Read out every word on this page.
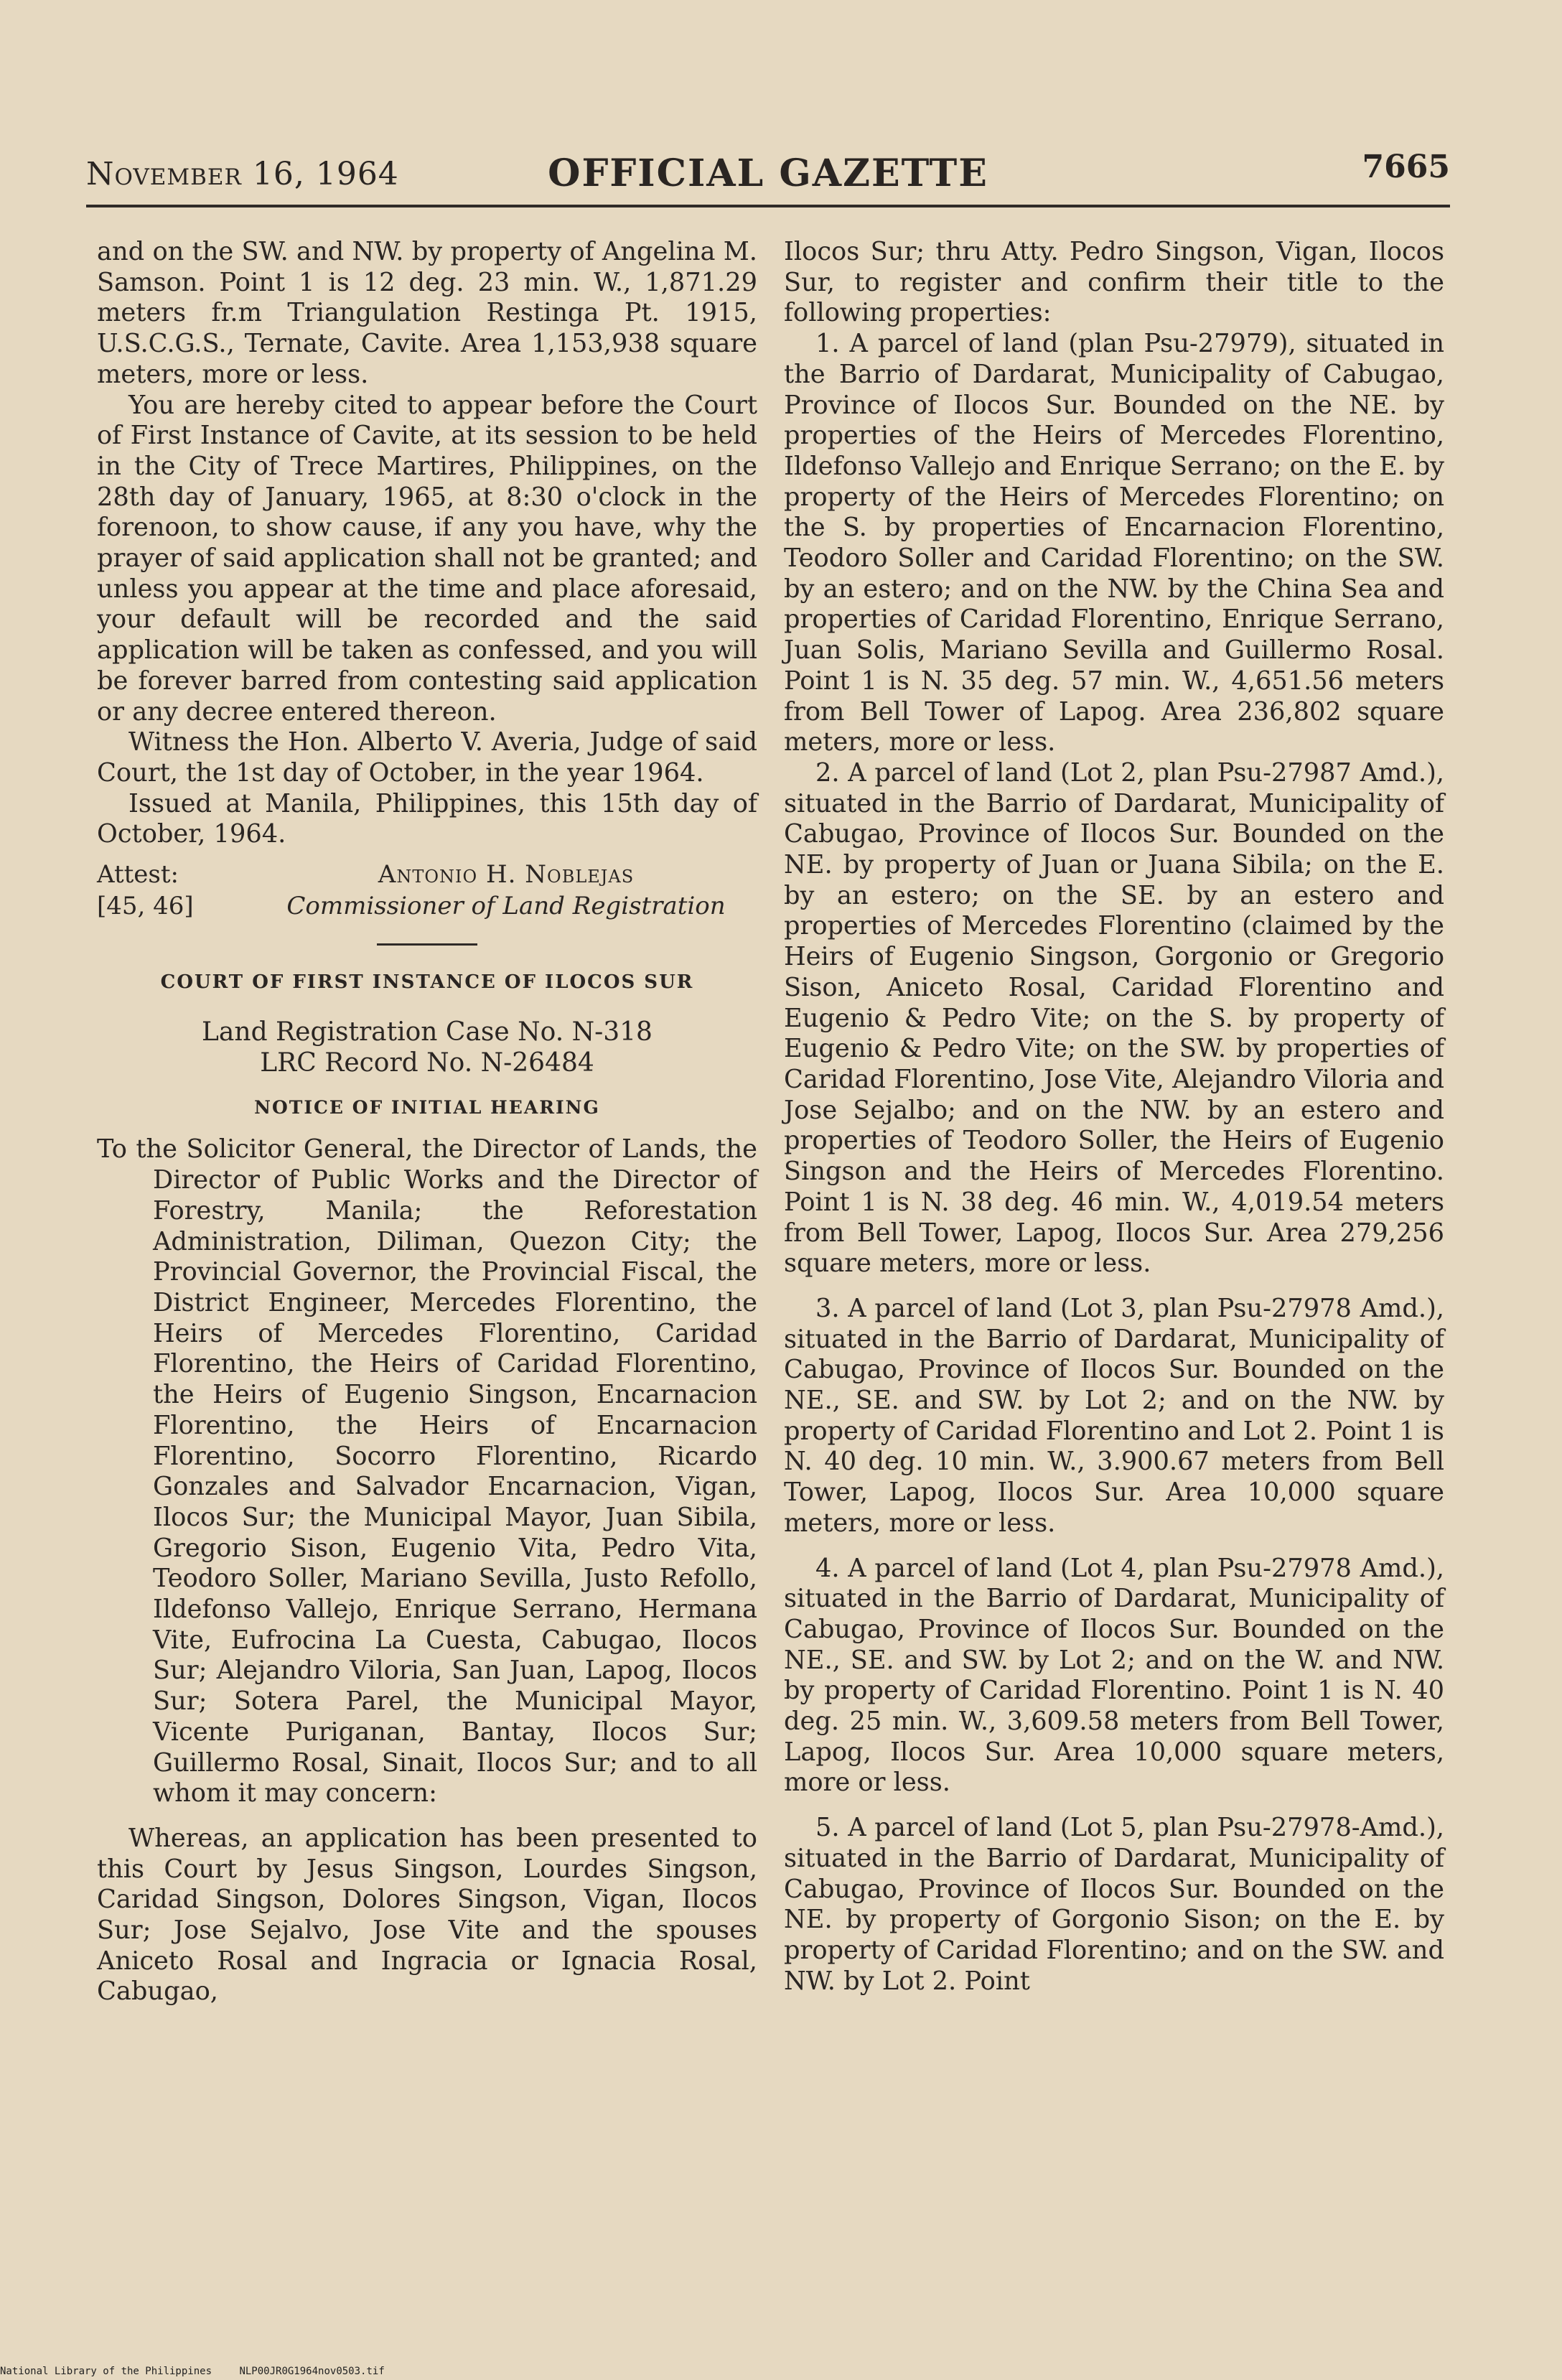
November 16, 1964	OFFICIAL GAZETTE	7665

and on the SW. and NW. by property of Angelina M. Samson. Point 1 is 12 deg. 23 min. W., 1,871.29 meters fr.m Triangulation Restinga Pt. 1915, U.S.C.G.S., Ternate, Cavite. Area 1,153,938 square meters, more or less.

You are hereby cited to appear before the Court of First Instance of Cavite, at its session to be held in the City of Trece Martires, Philippines, on the 28th day of January, 1965, at 8:30 o'clock in the forenoon, to show cause, if any you have, why the prayer of said application shall not be granted; and unless you appear at the time and place aforesaid, your default will be recorded and the said application will be taken as confessed, and you will be forever barred from contesting said application or any decree entered thereon.

Witness the Hon. Alberto V. Averia, Judge of said Court, the 1st day of October, in the year 1964.

Issued at Manila, Philippines, this 15th day of October, 1964.

Attest:	Antonio H. Noblejas
[45, 46]	Commissioner of Land Registration
COURT OF FIRST INSTANCE OF ILOCOS SUR
Land Registration Case No. N-318
LRC Record No. N-26484
NOTICE OF INITIAL HEARING

To the Solicitor General, the Director of Lands, the Director of Public Works and the Director of Forestry, Manila; the Reforestation Administration, Diliman, Quezon City; the Provincial Governor, the Provincial Fiscal, the District Engineer, Mercedes Florentino, the Heirs of Mercedes Florentino, Caridad Florentino, the Heirs of Caridad Florentino, the Heirs of Eugenio Singson, Encarnacion Florentino, the Heirs of Encarnacion Florentino, Socorro Florentino, Ricardo Gonzales and Salvador Encarnacion, Vigan, Ilocos Sur; the Municipal Mayor, Juan Sibila, Gregorio Sison, Eugenio Vita, Pedro Vita, Teodoro Soller, Mariano Sevilla, Justo Refollo, Ildefonso Vallejo, Enrique Serrano, Hermana Vite, Eufrocina La Cuesta, Cabugao, Ilocos Sur; Alejandro Viloria, San Juan, Lapog, Ilocos Sur; Sotera Parel, the Municipal Mayor, Vicente Puriganan, Bantay, Ilocos Sur; Guillermo Rosal, Sinait, Ilocos Sur; and to all whom it may concern:

Whereas, an application has been presented to this Court by Jesus Singson, Lourdes Singson, Caridad Singson, Dolores Singson, Vigan, Ilocos Sur; Jose Sejalvo, Jose Vite and the spouses Aniceto Rosal and Ingracia or Ignacia Rosal, Cabugao,

Ilocos Sur; thru Atty. Pedro Singson, Vigan, Ilocos Sur, to register and confirm their title to the following properties:

1. A parcel of land (plan Psu-27979), situated in the Barrio of Dardarat, Municipality of Cabugao, Province of Ilocos Sur. Bounded on the NE. by properties of the Heirs of Mercedes Florentino, Ildefonso Vallejo and Enrique Serrano; on the E. by property of the Heirs of Mercedes Florentino; on the S. by properties of Encarnacion Florentino, Teodoro Soller and Caridad Florentino; on the SW. by an estero; and on the NW. by the China Sea and properties of Caridad Florentino, Enrique Serrano, Juan Solis, Mariano Sevilla and Guillermo Rosal. Point 1 is N. 35 deg. 57 min. W., 4,651.56 meters from Bell Tower of Lapog. Area 236,802 square meters, more or less.

2. A parcel of land (Lot 2, plan Psu-27987 Amd.), situated in the Barrio of Dardarat, Municipality of Cabugao, Province of Ilocos Sur. Bounded on the NE. by property of Juan or Juana Sibila; on the E. by an estero; on the SE. by an estero and properties of Mercedes Florentino (claimed by the Heirs of Eugenio Singson, Gorgonio or Gregorio Sison, Aniceto Rosal, Caridad Florentino and Eugenio & Pedro Vite; on the S. by property of Eugenio & Pedro Vite; on the SW. by properties of Caridad Florentino, Jose Vite, Alejandro Viloria and Jose Sejalbo; and on the NW. by an estero and properties of Teodoro Soller, the Heirs of Eugenio Singson and the Heirs of Mercedes Florentino. Point 1 is N. 38 deg. 46 min. W., 4,019.54 meters from Bell Tower, Lapog, Ilocos Sur. Area 279,256 square meters, more or less.

3. A parcel of land (Lot 3, plan Psu-27978 Amd.), situated in the Barrio of Dardarat, Municipality of Cabugao, Province of Ilocos Sur. Bounded on the NE., SE. and SW. by Lot 2; and on the NW. by property of Caridad Florentino and Lot 2. Point 1 is N. 40 deg. 10 min. W., 3.900.67 meters from Bell Tower, Lapog, Ilocos Sur. Area 10,000 square meters, more or less.

4. A parcel of land (Lot 4, plan Psu-27978 Amd.), situated in the Barrio of Dardarat, Municipality of Cabugao, Province of Ilocos Sur. Bounded on the NE., SE. and SW. by Lot 2; and on the W. and NW. by property of Caridad Florentino. Point 1 is N. 40 deg. 25 min. W., 3,609.58 meters from Bell Tower, Lapog, Ilocos Sur. Area 10,000 square meters, more or less.

5. A parcel of land (Lot 5, plan Psu-27978-Amd.), situated in the Barrio of Dardarat, Municipality of Cabugao, Province of Ilocos Sur. Bounded on the NE. by property of Gorgonio Sison; on the E. by property of Caridad Florentino; and on the SW. and NW. by Lot 2. Point

National Library of the Philippines	NLP00JR0G1964nov0503.tif
